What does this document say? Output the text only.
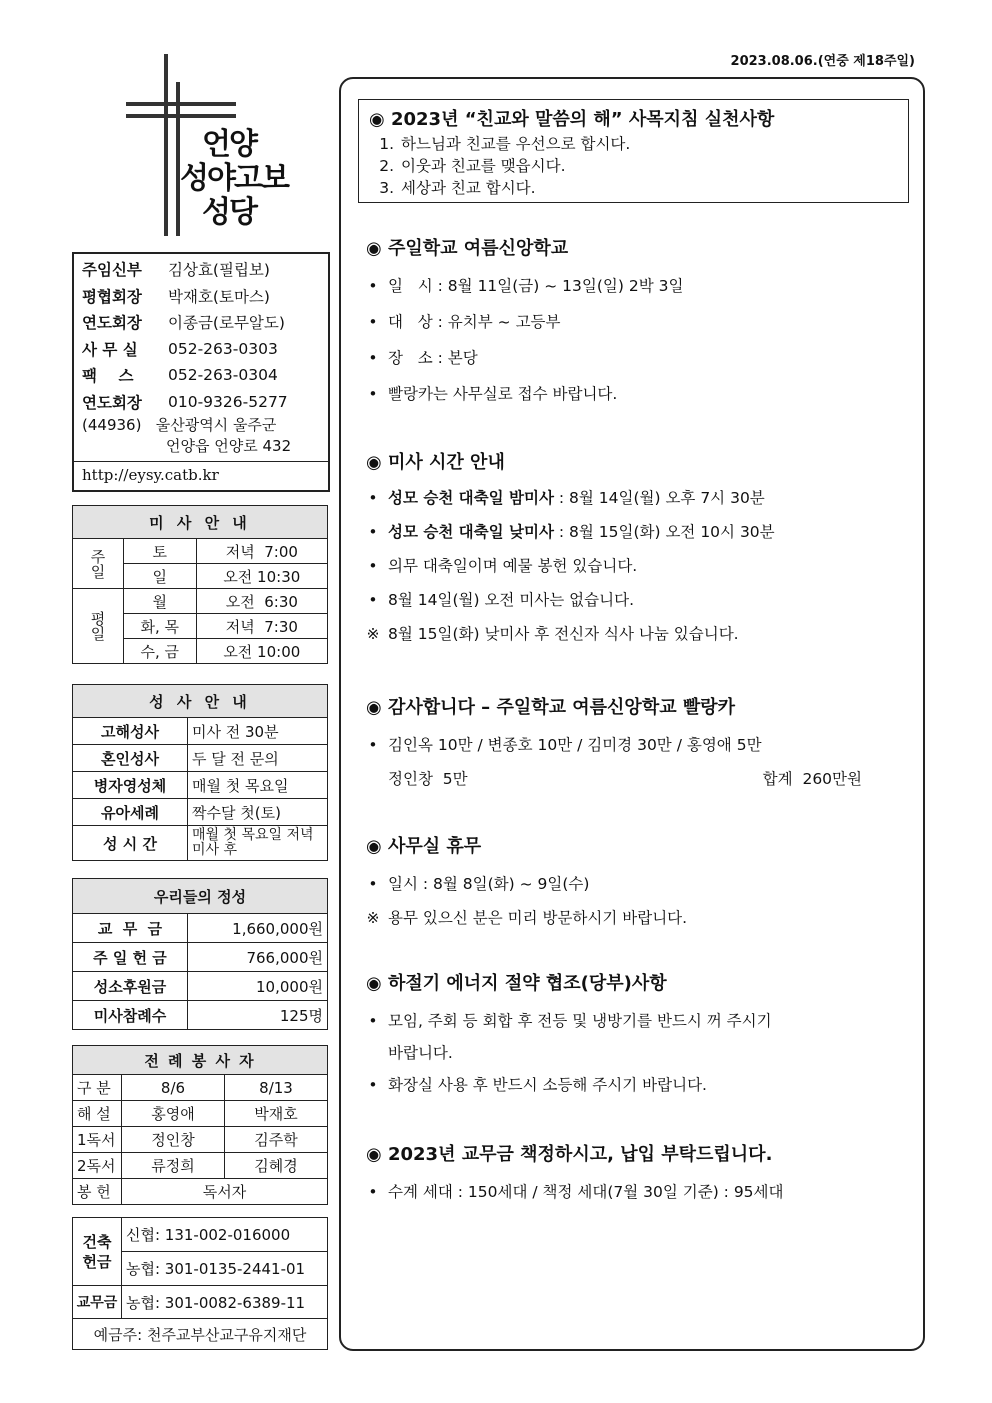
2023.08.06.(연중 제18주일)
언양
성야고보
성당
주임신부	김상효(필립보)
평협회장	박재호(토마스)
연도회장	이종금(로무알도)
사 무 실	052-263-0303
팩    스	052-263-0304
연도회장	010-9326-5277
(44936)   울산광역시 울주군
언양읍 언양로 432
http://eysy.catb.kr
미 사 안 내		
주일	토	저녁  7:00
	일	오전 10:30
평일	월	오전  6:30
	화, 목	저녁  7:30
	수, 금	오전 10:00
성 사 안 내	
고해성사	미사 전 30분
혼인성사	두 달 전 문의
병자영성체	매월 첫 목요일
유아세례	짝수달 첫(토)
성 시 간	매월 첫 목요일 저녁미사 후
우리들의 정성	
교  무  금	1,660,000원
주 일 헌 금	766,000원
성소후원금	10,000원
미사참례수	125명
전 례 봉 사 자		
구 분	8/6	8/13
해 설	홍영애	박재호
1독서	정인창	김주학
2독서	류정희	김혜경
봉 헌	독서자	
건축헌금	신협: 131-002-016000
	농협: 301-0135-2441-01
교무금	농협: 301-0082-6389-11
예금주: 천주교부산교구유지재단	
◉ 2023년 “친교와 말씀의 해” 사목지침 실천사항
1. 하느님과 친교를 우선으로 합시다.
2. 이웃과 친교를 맺읍시다.
3. 세상과 친교 합시다.
◉ 주일학교 여름신앙학교
• 일   시 : 8월 11일(금) ~ 13일(일) 2박 3일
• 대   상 : 유치부 ~ 고등부
• 장   소 : 본당
• 빨랑카는 사무실로 접수 바랍니다.
◉ 미사 시간 안내
• 성모 승천 대축일 밤미사 : 8월 14일(월) 오후 7시 30분
• 성모 승천 대축일 낮미사 : 8월 15일(화) 오전 10시 30분
• 의무 대축일이며 예물 봉헌 있습니다.
• 8월 14일(월) 오전 미사는 없습니다.
※ 8월 15일(화) 낮미사 후 전신자 식사 나눔 있습니다.
◉ 감사합니다 – 주일학교 여름신앙학교 빨랑카
• 김인옥 10만 / 변종호 10만 / 김미경 30만 / 홍영애 5만
정인창  5만	합계  260만원
◉ 사무실 휴무
• 일시 : 8월 8일(화) ~ 9일(수)
※ 용무 있으신 분은 미리 방문하시기 바랍니다.
◉ 하절기 에너지 절약 협조(당부)사항
• 모임, 주회 등 회합 후 전등 및 냉방기를 반드시 꺼 주시기
바랍니다.
• 화장실 사용 후 반드시 소등해 주시기 바랍니다.
◉ 2023년 교무금 책정하시고, 납입 부탁드립니다.
• 수계 세대 : 150세대 / 책정 세대(7월 30일 기준) : 95세대
